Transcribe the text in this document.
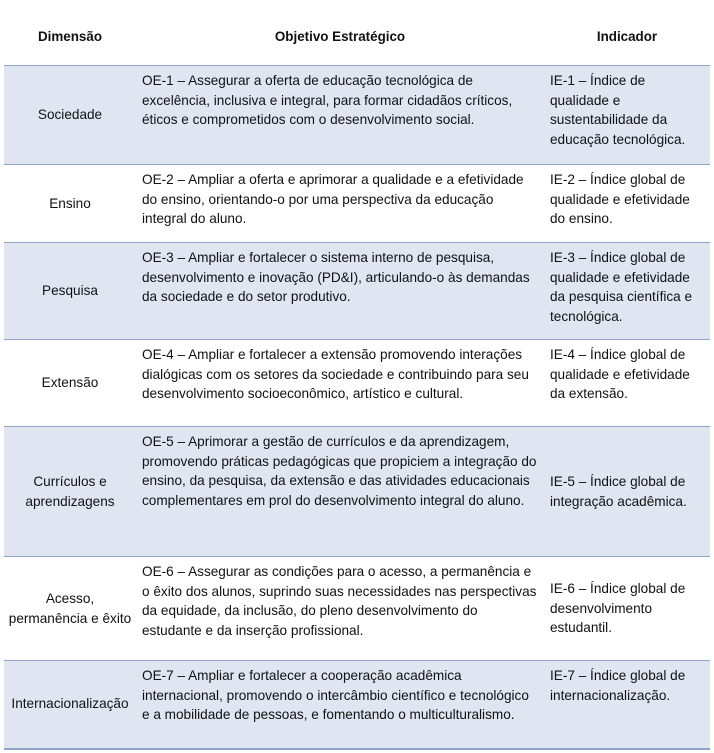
Dimensão	Objetivo Estratégico	Indicador
Sociedade	OE-1 – Assegurar a oferta de educação tecnológica de excelência, inclusiva e integral, para formar cidadãos críticos, éticos e comprometidos com o desenvolvimento social.	IE-1 – Índice de qualidade e sustentabilidade da educação tecnológica.
Ensino	OE-2 – Ampliar a oferta e aprimorar a qualidade e a efetividade do ensino, orientando-o por uma perspectiva da educação integral do aluno.	IE-2 – Índice global de qualidade e efetividade do ensino.
Pesquisa	OE-3 – Ampliar e fortalecer o sistema interno de pesquisa, desenvolvimento e inovação (PD&I), articulando-o às demandas da sociedade e do setor produtivo.	IE-3 – Índice global de qualidade e efetividade da pesquisa científica e tecnológica.
Extensão	OE-4 – Ampliar e fortalecer a extensão promovendo interações dialógicas com os setores da sociedade e contribuindo para seu desenvolvimento socioeconômico, artístico e cultural.	IE-4 – Índice global de qualidade e efetividade da extensão.
Currículos e aprendizagens	OE-5 – Aprimorar a gestão de currículos e da aprendizagem, promovendo práticas pedagógicas que propiciem a integração do ensino, da pesquisa, da extensão e das atividades educacionais complementares em prol do desenvolvimento integral do aluno.	IE-5 – Índice global de integração acadêmica.
Acesso, permanência e êxito	OE-6 – Assegurar as condições para o acesso, a permanência e o êxito dos alunos, suprindo suas necessidades nas perspectivas da equidade, da inclusão, do pleno desenvolvimento do estudante e da inserção profissional.	IE-6 – Índice global de desenvolvimento estudantil.
Internacionalização	OE-7 – Ampliar e fortalecer a cooperação acadêmica internacional, promovendo o intercâmbio científico e tecnológico e a mobilidade de pessoas, e fomentando o multiculturalismo.	IE-7 – Índice global de internacionalização.
